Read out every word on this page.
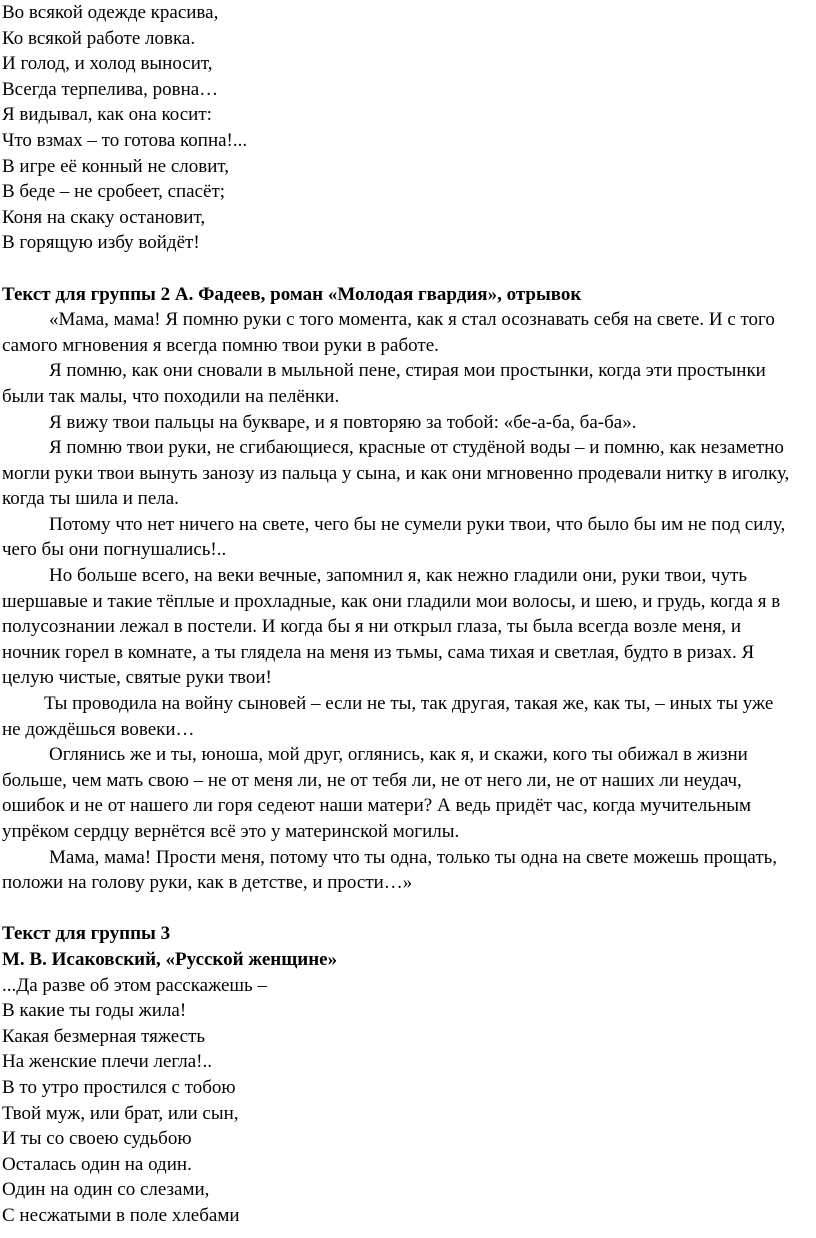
Во всякой одежде красива,
Ко всякой работе ловка.
И голод, и холод выносит,
Всегда терпелива, ровна…
Я видывал, как она косит:
Что взмах – то готова копна!...
В игре её конный не словит,
В беде – не сробеет, спасёт;
Коня на скаку остановит,
В горящую избу войдёт!
Текст для группы 2 А. Фадеев, роман «Молодая гвардия», отрывок
«Мама, мама! Я помню руки с того момента, как я стал осознавать себя на свете. И с того
самого мгновения я всегда помню твои руки в работе.
Я помню, как они сновали в мыльной пене, стирая мои простынки, когда эти простынки
были так малы, что походили на пелёнки.
Я вижу твои пальцы на букваре, и я повторяю за тобой: «бе-а-ба, ба-ба».
Я помню твои руки, не сгибающиеся, красные от студёной воды – и помню, как незаметно
могли руки твои вынуть занозу из пальца у сына, и как они мгновенно продевали нитку в иголку,
когда ты шила и пела.
Потому что нет ничего на свете, чего бы не сумели руки твои, что было бы им не под силу,
чего бы они погнушались!..
Но больше всего, на веки вечные, запомнил я, как нежно гладили они, руки твои, чуть
шершавые и такие тёплые и прохладные, как они гладили мои волосы, и шею, и грудь, когда я в
полусознании лежал в постели. И когда бы я ни открыл глаза, ты была всегда возле меня, и
ночник горел в комнате, а ты глядела на меня из тьмы, сама тихая и светлая, будто в ризах. Я
целую чистые, святые руки твои!
Ты проводила на войну сыновей – если не ты, так другая, такая же, как ты, – иных ты уже
не дождёшься вовеки…
Оглянись же и ты, юноша, мой друг, оглянись, как я, и скажи, кого ты обижал в жизни
больше, чем мать свою – не от меня ли, не от тебя ли, не от него ли, не от наших ли неудач,
ошибок и не от нашего ли горя седеют наши матери? А ведь придёт час, когда мучительным
упрёком сердцу вернётся всё это у материнской могилы.
Мама, мама! Прости меня, потому что ты одна, только ты одна на свете можешь прощать,
положи на голову руки, как в детстве, и прости…»
Текст для группы 3
М. В. Исаковский, «Русской женщине»
...Да разве об этом расскажешь –
В какие ты годы жила!
Какая безмерная тяжесть
На женские плечи легла!..
В то утро простился с тобою
Твой муж, или брат, или сын,
И ты со своею судьбою
Осталась один на один.
Один на один со слезами,
С несжатыми в поле хлебами
